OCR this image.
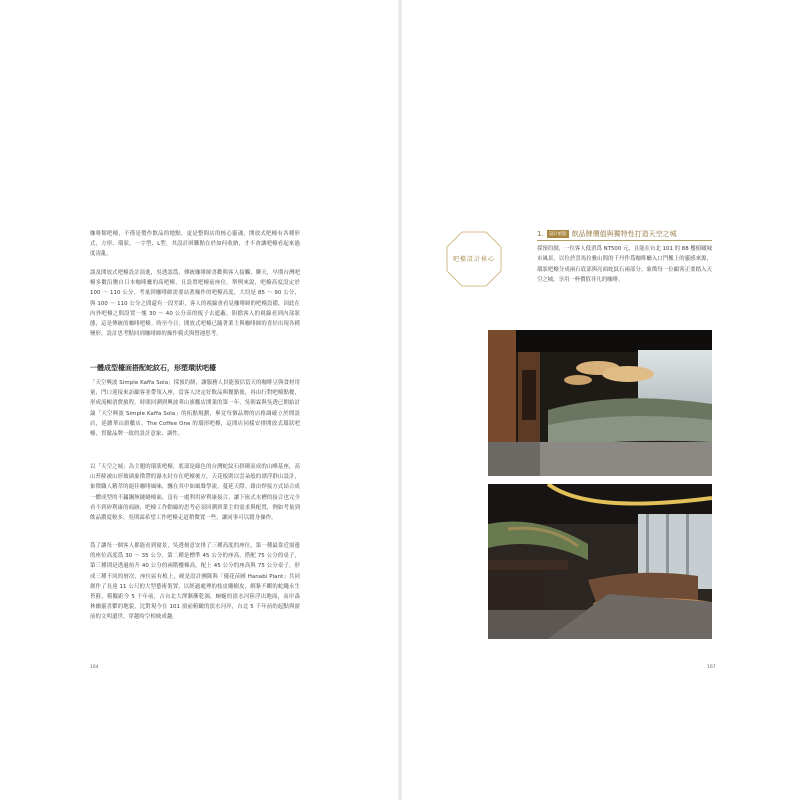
咖啡館吧檯，不僅是製作飲品的地點，更是整間店的核心靈魂，開放式吧檯有各種形式，方形、環狀、一字型、L型，其設計困難點在於如何收納，才不會讓吧檯看起來過度凌亂。

談及開放式吧檯設計演進，吳透認爲，傳統咖啡師喜歡與客人接觸、聊天，早期台灣吧檯多數沿襲自日本咖啡廳的高吧檯，且設置吧檯前座位。舉例來說，吧檯高度設定於 100 ～ 110 公分，考量到咖啡師需要站著操作的吧檯高度，大約是 85 ～ 90 公分，與 100 ～ 110 公分之間還有一段差距，客人的視線會看見咖啡師的吧檯設備，因此在內外吧檯之間設置一塊 30 ～ 40 公分高的板子去遮蔽，阻擋客人的視線看到內部狀態，這是傳統的咖啡吧檯。時至今日，開放式吧檯已隨著業主與咖啡師的喜好出現各種變形，設計思考點回到咖啡師的操作模式與營運思考。

一體成型檯面搭配蛇紋石，形塑環狀吧檯

「天空興波 Simple Kaffa Sola」採預約制，讓服務人員能預估當天的咖啡豆與食材用量，門口迎接來訪顧客並帶領入座，當客人決定好飲品與餐點後，再由行對吧檯點餐，形成流暢消費旅程。時間回溯到興波華山旗艦店開業的第一年，吳則霖與吳透已開始討論「天空興波 Simple Kaffa Sola」的拓點規劃，畢竟每個品牌的店格調確立於開設店，延續華山旗艦店、The Coffee One 的環形吧檯，這間店同樣安排開放式環狀吧檯，貫徹品牌一致的設計意象、調性。

以「天空之城」為主題的環狀吧檯，底部是綠色的台灣蛇紋石拼砌而成的山峰基座，高山苔蘚被山形玻璃象徵帶的瀑水封存在吧檯後方，天花板則以雲朵般的漂浮群山設計，象徵職人精萃的絕佳咖啡風味，飄在其中如風聲學流，蔓延天際。藉由焊接方式結合成一體成型的不鏽鋼無縫縫檯面，沒有一處利用矽利康接合，讓下嵌式水槽的接合也完全看不到矽利康的痕跡，吧檯工作動線的思考必須回溯到業主的需求與配置，例如考量到飲品濃度較多，吳則霖希望工作吧檯走道稍微寬一些，讓同事可以錯身操作。

爲了讓每一個客人都能看到窗景，吳透刻意安排了三種高度的座位，第一種最靠近窗邊的座位高度爲 30 ～ 35 公分，第二種是標準 45 公分的座高，搭配 75 公分的桌子，第三種則是透過抬升 40 公分的兩階樓梯高，配上 45 公分的座高與 75 公分桌子，形成三種不同的層次，座位區有植上，硬是設計團隊與「優花苗圃 Hanabi Plant」共同創作了長達 11 公尺的大型藝術裝置，以經過處理的枝皮雕樹皮，綁紮不斷的蛇繩永生苔蘚，模擬距今 5 千年前，古台北大澤漸漸乾涸，蜿蜒的淡水河陸浮出地面，而岸森林幽靈喜鬱的地貌，比對現今在 101 窗前俯瞰的淡水河岸，台北 5 千年前的起點與窗前的文明遺世，穿越時空相映成趣。

164
吧檯設計核心
1.	設計重點 飲品牌價值與獨特性打造天空之城

採預約制，一位客人低消爲 NT500 元，且能在台北 101 的 88 樓俯瞰城市風景，以位於喜馬拉雅山間的千丹作爲咖啡廳入口門檻上的靈感來源，環狀吧檯分成兩石底部與亮面蛇紋石兩部分，象徵每一位顧客正要踏入天空之城，享用一杯價值非凡的咖啡。

167
